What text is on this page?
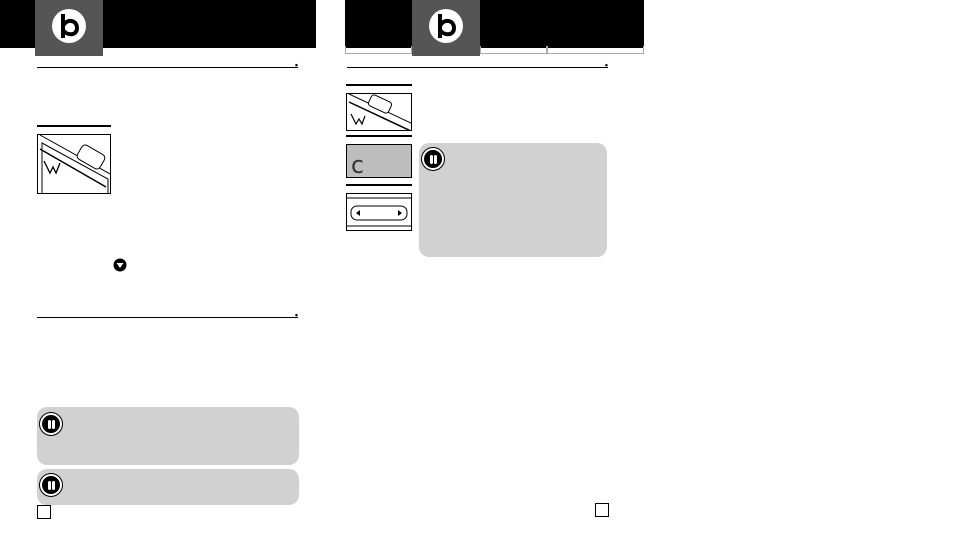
•

•

•
c
